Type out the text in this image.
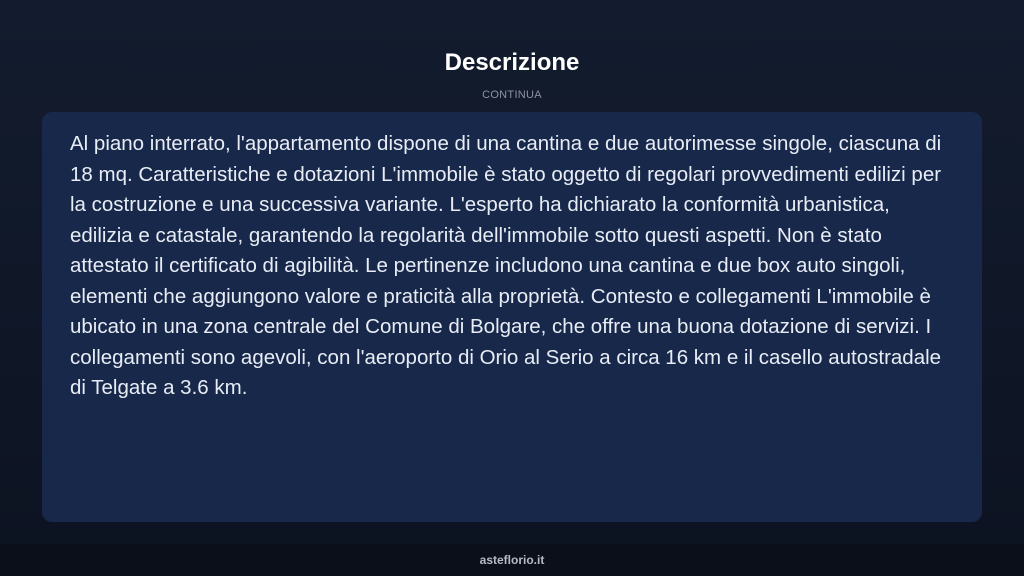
Descrizione
CONTINUA

Al piano interrato, l'appartamento dispone di una cantina e due autorimesse singole, ciascuna di 18 mq. Caratteristiche e dotazioni L'immobile è stato oggetto di regolari provvedimenti edilizi per la costruzione e una successiva variante. L'esperto ha dichiarato la conformità urbanistica, edilizia e catastale, garantendo la regolarità dell'immobile sotto questi aspetti. Non è stato attestato il certificato di agibilità. Le pertinenze includono una cantina e due box auto singoli, elementi che aggiungono valore e praticità alla proprietà. Contesto e collegamenti L'immobile è ubicato in una zona centrale del Comune di Bolgare, che offre una buona dotazione di servizi. I collegamenti sono agevoli, con l'aeroporto di Orio al Serio a circa 16 km e il casello autostradale di Telgate a 3.6 km.

asteflorio.it
